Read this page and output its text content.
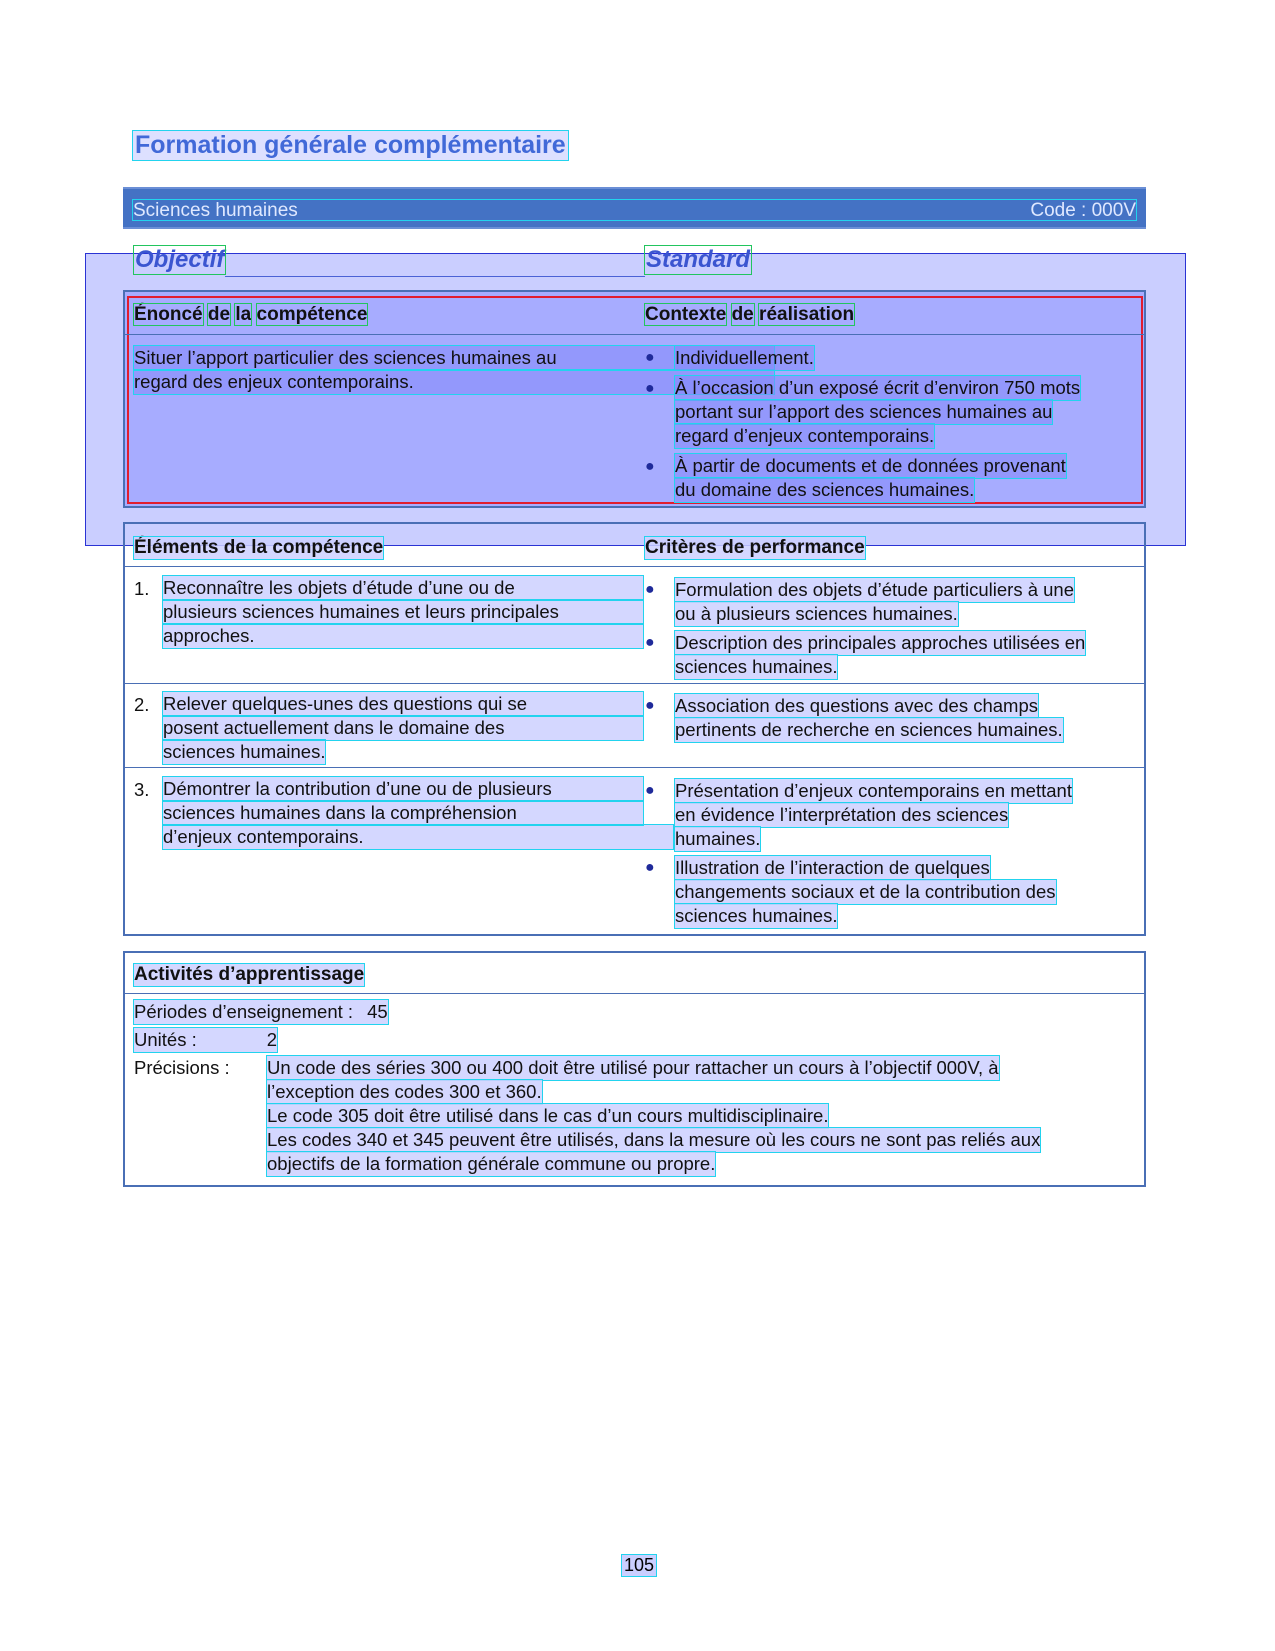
Formation générale complémentaire
Sciences humaines	Code : 000V
Objectif	Standard
Énoncé de la compétence	Contexte de réalisation
Situer l’apport particulier des sciences humaines au
regard des enjeux contemporains.
● Individuellement.
● À l’occasion d’un exposé écrit d’environ 750 mots
portant sur l’apport des sciences humaines au
regard d’enjeux contemporains.
● À partir de documents et de données provenant
du domaine des sciences humaines.
Éléments de la compétence	Critères de performance
1. Reconnaître les objets d’étude d’une ou de
plusieurs sciences humaines et leurs principales
approches.
● Formulation des objets d’étude particuliers à une
ou à plusieurs sciences humaines.
● Description des principales approches utilisées en
sciences humaines.
2. Relever quelques-unes des questions qui se
posent actuellement dans le domaine des
sciences humaines.
● Association des questions avec des champs
pertinents de recherche en sciences humaines.
3. Démontrer la contribution d’une ou de plusieurs
sciences humaines dans la compréhension
d’enjeux contemporains.
● Présentation d’enjeux contemporains en mettant
en évidence l’interprétation des sciences
humaines.
● Illustration de l’interaction de quelques
changements sociaux et de la contribution des
sciences humaines.
Activités d’apprentissage
Périodes d’enseignement : 45
Unités :	2
Précisions : Un code des séries 300 ou 400 doit être utilisé pour rattacher un cours à l’objectif 000V, à
l’exception des codes 300 et 360.
Le code 305 doit être utilisé dans le cas d’un cours multidisciplinaire.
Les codes 340 et 345 peuvent être utilisés, dans la mesure où les cours ne sont pas reliés aux
objectifs de la formation générale commune ou propre.
105
